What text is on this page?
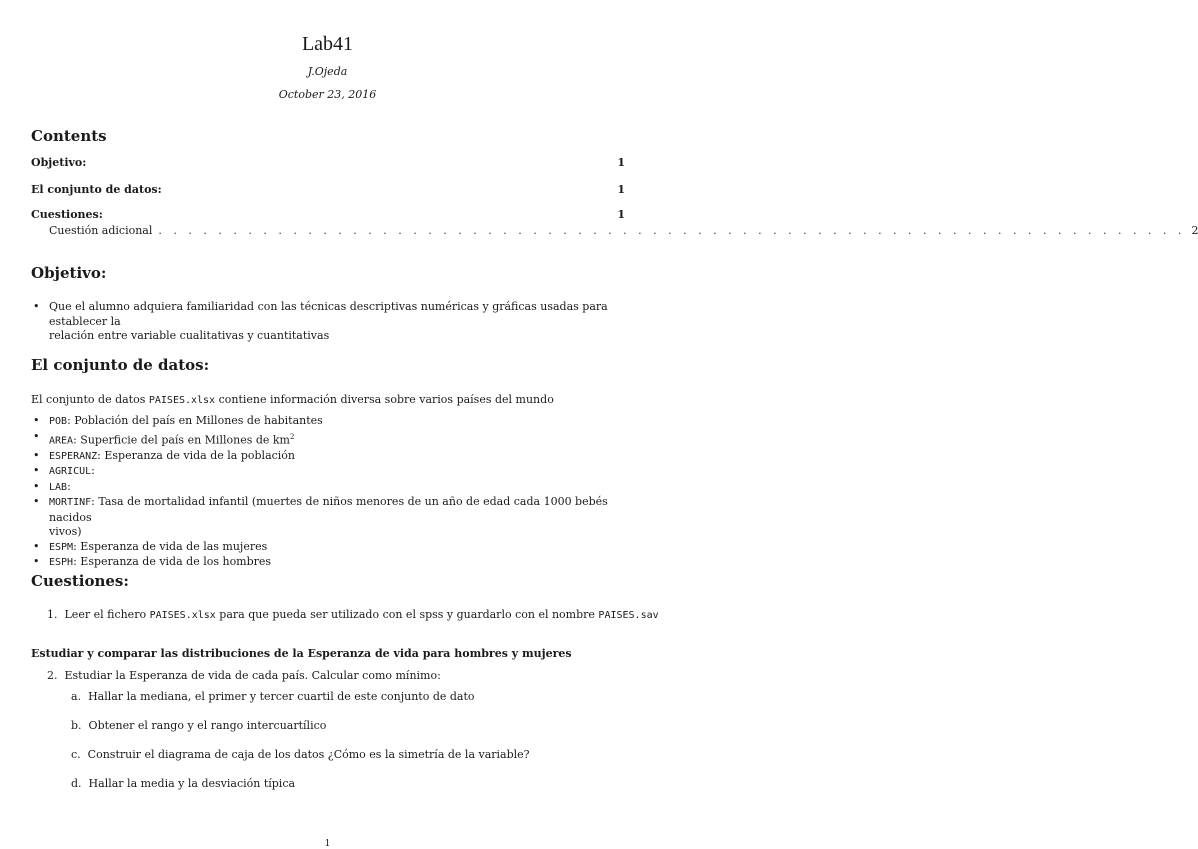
Lab41
J.Ojeda
October 23, 2016
Contents
Objetivo:	1
El conjunto de datos:	1
Cuestiones:	1
Cuestión adicional . . . . . . . . . . . . . . . . . . . . . . . . . . . . . . . . . . . . . . . . . . . . . . . . . . . . . . . . . . . . . . . . . . . . . 2
Objetivo:
• Que el alumno adquiera familiaridad con las técnicas descriptivas numéricas y gráficas usadas para establecer la
relación entre variable cualitativas y cuantitativas
El conjunto de datos:
El conjunto de datos PAISES.xlsx contiene información diversa sobre varios países del mundo
• POB: Población del país en Millones de habitantes
• AREA: Superficie del país en Millones de $km^2$
• ESPERANZ: Esperanza de vida de la población
• AGRICUL:
• LAB:
• MORTINF: Tasa de mortalidad infantil (muertes de niños menores de un año de edad cada 1000 bebés nacidos
vivos)
• ESPM: Esperanza de vida de las mujeres
• ESPH: Esperanza de vida de los hombres
Cuestiones:
1. Leer el fichero PAISES.xlsx para que pueda ser utilizado con el spss y guardarlo con el nombre PAISES.sav
Estudiar y comparar las distribuciones de la Esperanza de vida para hombres y mujeres
2. Estudiar la Esperanza de vida de cada país. Calcular como mínimo:
a. Hallar la mediana, el primer y tercer cuartil de este conjunto de dato
b. Obtener el rango y el rango intercuartílico
c. Construir el diagrama de caja de los datos ¿Cómo es la simetría de la variable?
d. Hallar la media y la desviación típica
1
